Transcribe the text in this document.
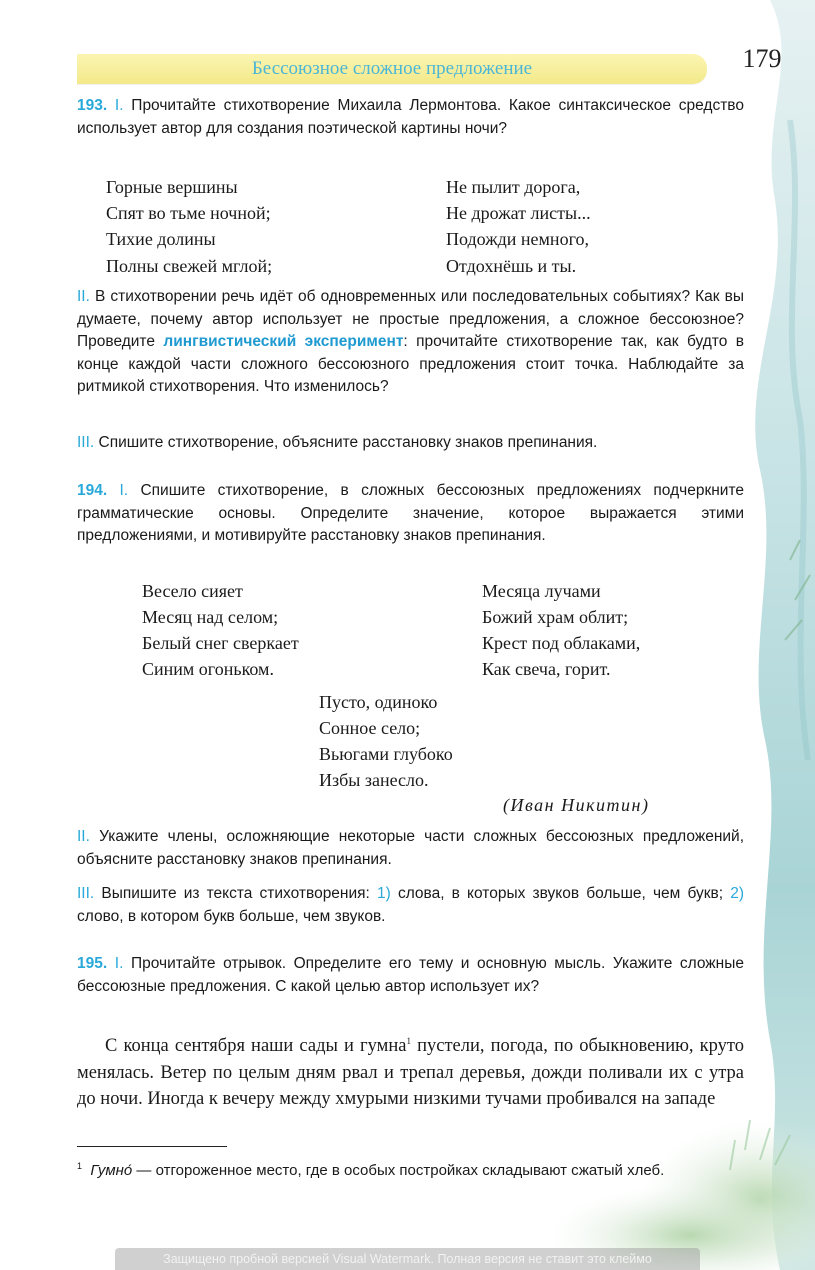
Бессоюзное сложное предложение	179

193. I. Прочитайте стихотворение Михаила Лермонтова. Какое синтаксическое средство использует автор для создания поэтической картины ночи?

Горные вершины
Спят во тьме ночной;
Тихие долины
Полны свежей мглой;
Не пылит дорога,
Не дрожат листы...
Подожди немного,
Отдохнёшь и ты.

II. В стихотворении речь идёт об одновременных или последовательных событиях? Как вы думаете, почему автор использует не простые предложения, а сложное бессоюзное? Проведите лингвистический эксперимент: прочитайте стихотворение так, как будто в конце каждой части сложного бессоюзного предложения стоит точка. Наблюдайте за ритмикой стихотворения. Что изменилось?

III. Спишите стихотворение, объясните расстановку знаков препинания.

194. I. Спишите стихотворение, в сложных бессоюзных предложениях подчеркните грамматические основы. Определите значение, которое выражается этими предложениями, и мотивируйте расстановку знаков препинания.

Весело сияет
Месяц над селом;
Белый снег сверкает
Синим огоньком.
Месяца лучами
Божий храм облит;
Крест под облаками,
Как свеча, горит.
Пусто, одиноко
Сонное село;
Вьюгами глубоко
Избы занесло.
(Иван Никитин)

II. Укажите члены, осложняющие некоторые части сложных бессоюзных предложений, объясните расстановку знаков препинания.

III. Выпишите из текста стихотворения: 1) слова, в которых звуков больше, чем букв; 2) слово, в котором букв больше, чем звуков.

195. I. Прочитайте отрывок. Определите его тему и основную мысль. Укажите сложные бессоюзные предложения. С какой целью автор использует их?

С конца сентября наши сады и гумна$^1$ пустели, погода, по обыкновению, круто менялась. Ветер по целым дням рвал и трепал деревья, дожди поливали их с утра до ночи. Иногда к вечеру между хмурыми низкими тучами пробивался на западе

$^1$ Гумно́ — отгороженное место, где в особых постройках складывают сжатый хлеб.

Защищено пробной версией Visual Watermark. Полная версия не ставит это клеймо
